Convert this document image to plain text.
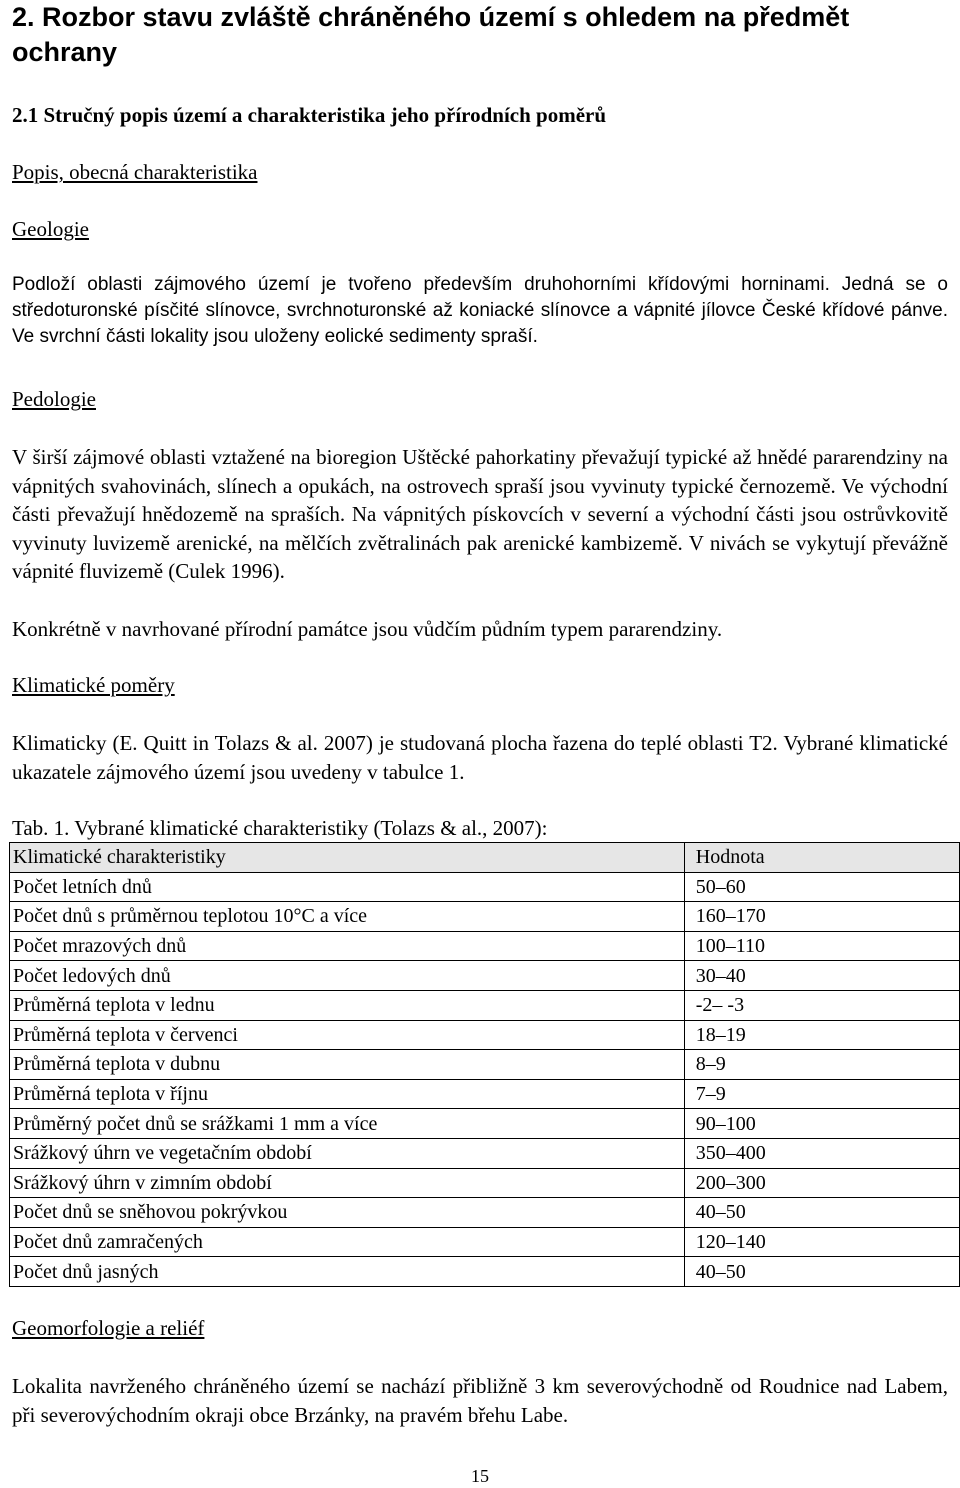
2. Rozbor stavu zvláště chráněného území s ohledem na předmět ochrany
2.1 Stručný popis území a charakteristika jeho přírodních poměrů

Popis, obecná charakteristika

Geologie

Podloží oblasti zájmového území je tvořeno především druhohorními křídovými horninami. Jedná se o středoturonské písčité slínovce, svrchnoturonské až koniacké slínovce a vápnité jílovce České křídové pánve. Ve svrchní části lokality jsou uloženy eolické sedimenty spraší.

Pedologie

V širší zájmové oblasti vztažené na bioregion Uštěcké pahorkatiny převažují typické až hnědé pararendziny na vápnitých svahovinách, slínech a opukách, na ostrovech spraší jsou vyvinuty typické černozemě. Ve východní části převažují hnědozemě na spraších. Na vápnitých pískovcích v severní a východní části jsou ostrůvkovitě vyvinuty luvizemě arenické, na mělčích zvětralinách pak arenické kambizemě. V nivách se vykytují převážně vápnité fluvizemě (Culek 1996).

Konkrétně v navrhované přírodní památce jsou vůdčím půdním typem pararendziny.

Klimatické poměry

Klimaticky (E. Quitt in Tolazs & al. 2007) je studovaná plocha řazena do teplé oblasti T2. Vybrané klimatické ukazatele zájmového území jsou uvedeny v tabulce 1.

Tab. 1. Vybrané klimatické charakteristiky (Tolazs & al., 2007):

Klimatické charakteristiky	Hodnota
Počet letních dnů	50–60
Počet dnů s průměrnou teplotou 10°C a více	160–170
Počet mrazových dnů	100–110
Počet ledových dnů	30–40
Průměrná teplota v lednu	-2– -3
Průměrná teplota v červenci	18–19
Průměrná teplota v dubnu	8–9
Průměrná teplota v říjnu	7–9
Průměrný počet dnů se srážkami 1 mm a více	90–100
Srážkový úhrn ve vegetačním období	350–400
Srážkový úhrn v zimním období	200–300
Počet dnů se sněhovou pokrývkou	40–50
Počet dnů zamračených	120–140
Počet dnů jasných	40–50

Geomorfologie a reliéf

Lokalita navrženého chráněného území se nachází přibližně 3 km severovýchodně od Roudnice nad Labem, při severovýchodním okraji obce Brzánky, na pravém břehu Labe.

15
